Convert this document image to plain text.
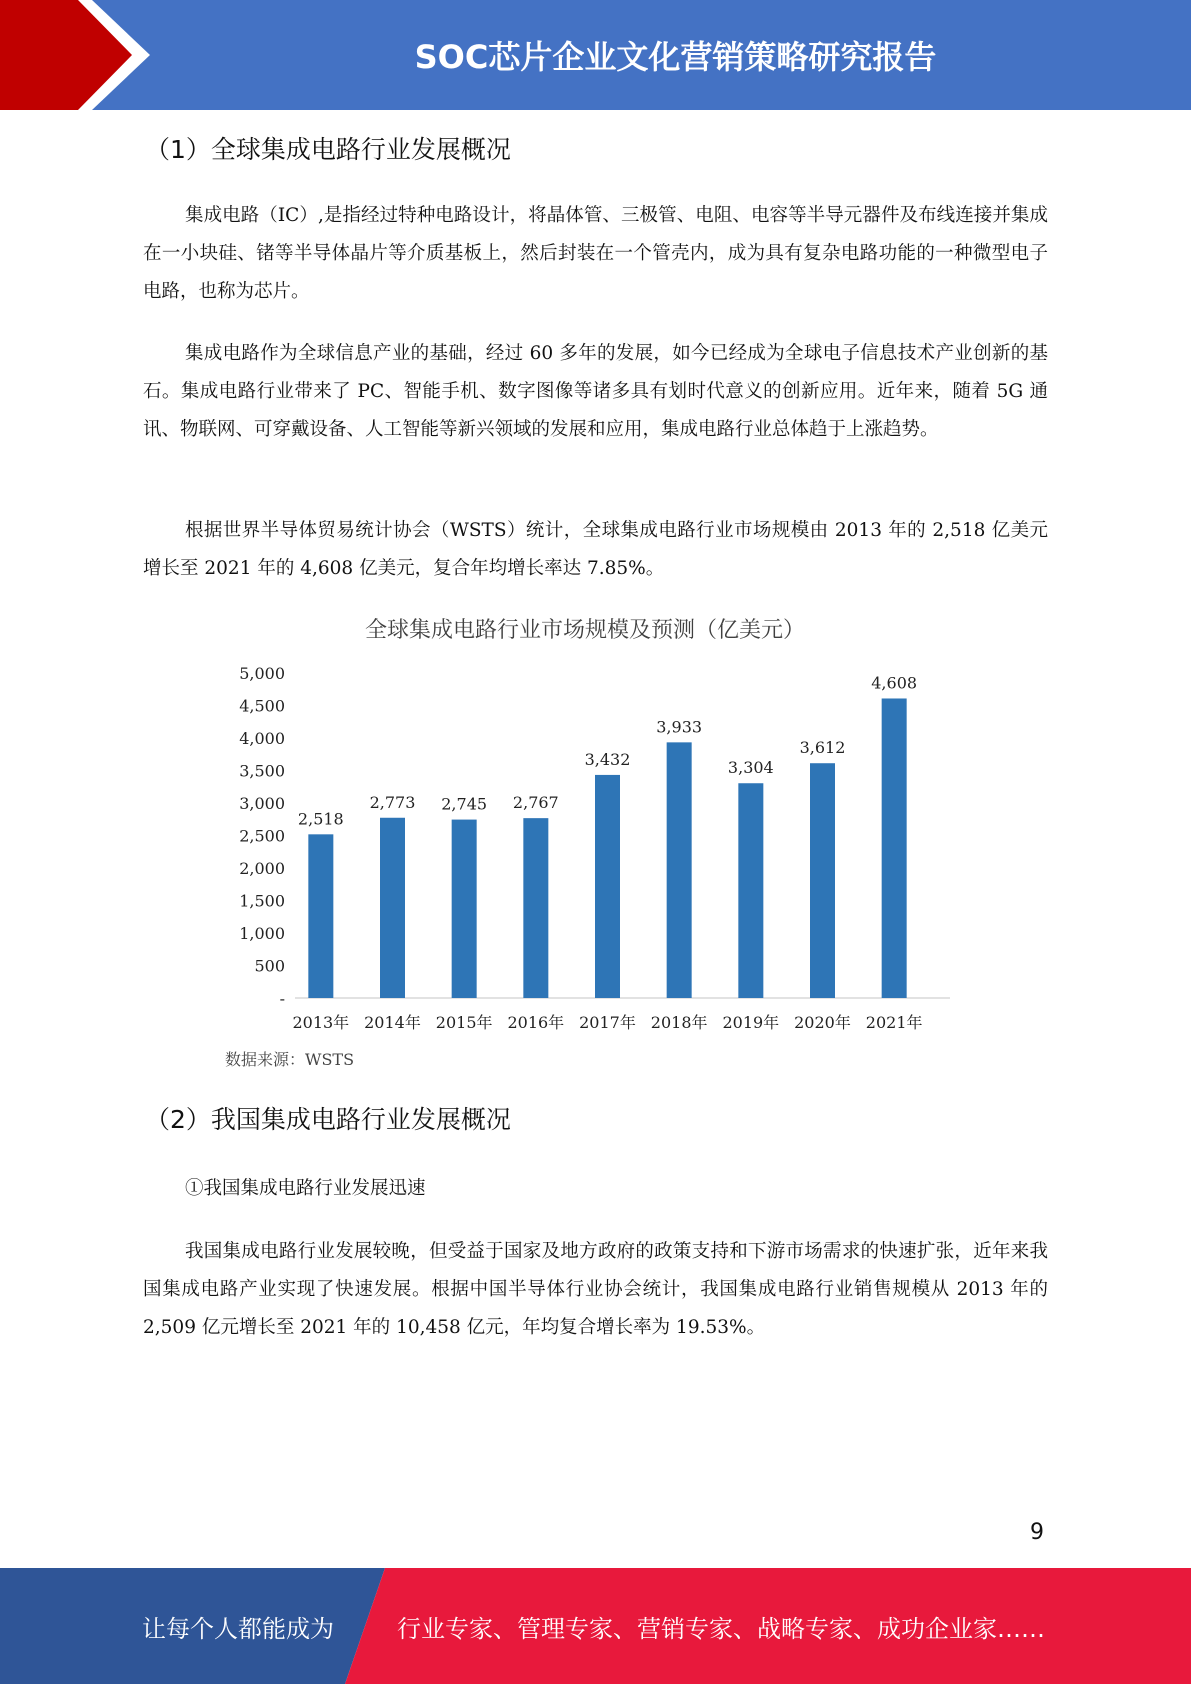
SOC芯片企业文化营销策略研究报告
（1）全球集成电路行业发展概况

集成电路（IC）,是指经过特种电路设计，将晶体管、三极管、电阻、电容等半导元器件及布线连接并集成在一小块硅、锗等半导体晶片等介质基板上，然后封装在一个管壳内，成为具有复杂电路功能的一种微型电子电路，也称为芯片。

集成电路作为全球信息产业的基础，经过 60 多年的发展，如今已经成为全球电子信息技术产业创新的基石。集成电路行业带来了 PC、智能手机、数字图像等诸多具有划时代意义的创新应用。近年来，随着 5G 通讯、物联网、可穿戴设备、人工智能等新兴领域的发展和应用，集成电路行业总体趋于上涨趋势。

根据世界半导体贸易统计协会（WSTS）统计，全球集成电路行业市场规模由 2013 年的 2,518 亿美元增长至 2021 年的 4,608 亿美元，复合年均增长率达 7.85%。

全球集成电路行业市场规模及预测（亿美元）
-
500
1,000
1,500
2,000
2,500
3,000
3,500
4,000
4,500
5,000
2,518
2013年
2,773
2014年
2,745
2015年
2,767
2016年
3,432
2017年
3,933
2018年
3,304
2019年
3,612
2020年
4,608
2021年
数据来源：WSTS
（2）我国集成电路行业发展概况

①我国集成电路行业发展迅速

我国集成电路行业发展较晚，但受益于国家及地方政府的政策支持和下游市场需求的快速扩张，近年来我国集成电路产业实现了快速发展。根据中国半导体行业协会统计，我国集成电路行业销售规模从 2013 年的 2,509 亿元增长至 2021 年的 10,458 亿元，年均复合增长率为 19.53%。

9
让每个人都能成为	行业专家、管理专家、营销专家、战略专家、成功企业家……
